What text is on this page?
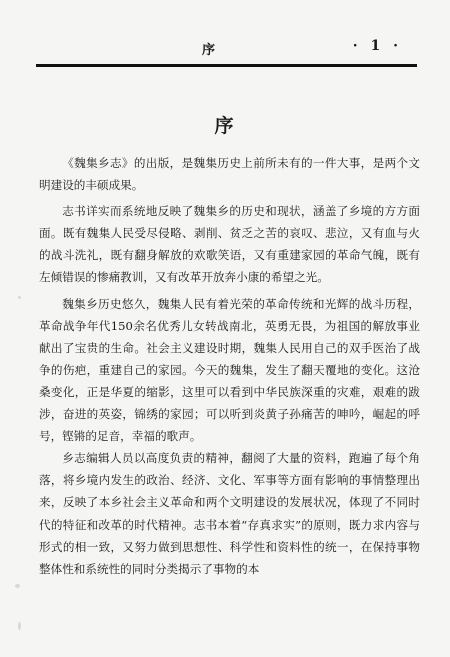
序	· 1 ·
序

《魏集乡志》的出版，是魏集历史上前所未有的一件大事，是两个文明建设的丰硕成果。

志书详实而系统地反映了魏集乡的历史和现状，涵盖了乡境的方方面面。既有魏集人民受尽侵略、剥削、贫乏之苦的哀叹、悲泣，又有血与火的战斗洗礼，既有翻身解放的欢歌笑语，又有重建家园的革命气魄，既有左倾错误的惨痛教训，又有改革开放奔小康的希望之光。

魏集乡历史悠久，魏集人民有着光荣的革命传统和光辉的战斗历程，革命战争年代150余名优秀儿女转战南北，英勇无畏，为祖国的解放事业献出了宝贵的生命。社会主义建设时期，魏集人民用自己的双手医治了战争的伤疤，重建自己的家园。今天的魏集，发生了翻天覆地的变化。这沧桑变化，正是华夏的缩影，这里可以看到中华民族深重的灾难，艰难的跋涉，奋进的英姿，锦绣的家园；可以听到炎黄子孙痛苦的呻吟，崛起的呼号，铿锵的足音，幸福的歌声。

乡志编辑人员以高度负责的精神，翻阅了大量的资料，跑遍了每个角落，将乡境内发生的政治、经济、文化、军事等方面有影响的事情整理出来，反映了本乡社会主义革命和两个文明建设的发展状况，体现了不同时代的特征和改革的时代精神。志书本着“存真求实”的原则，既力求内容与形式的相一致，又努力做到思想性、科学性和资料性的统一，在保持事物整体性和系统性的同时分类揭示了事物的本
